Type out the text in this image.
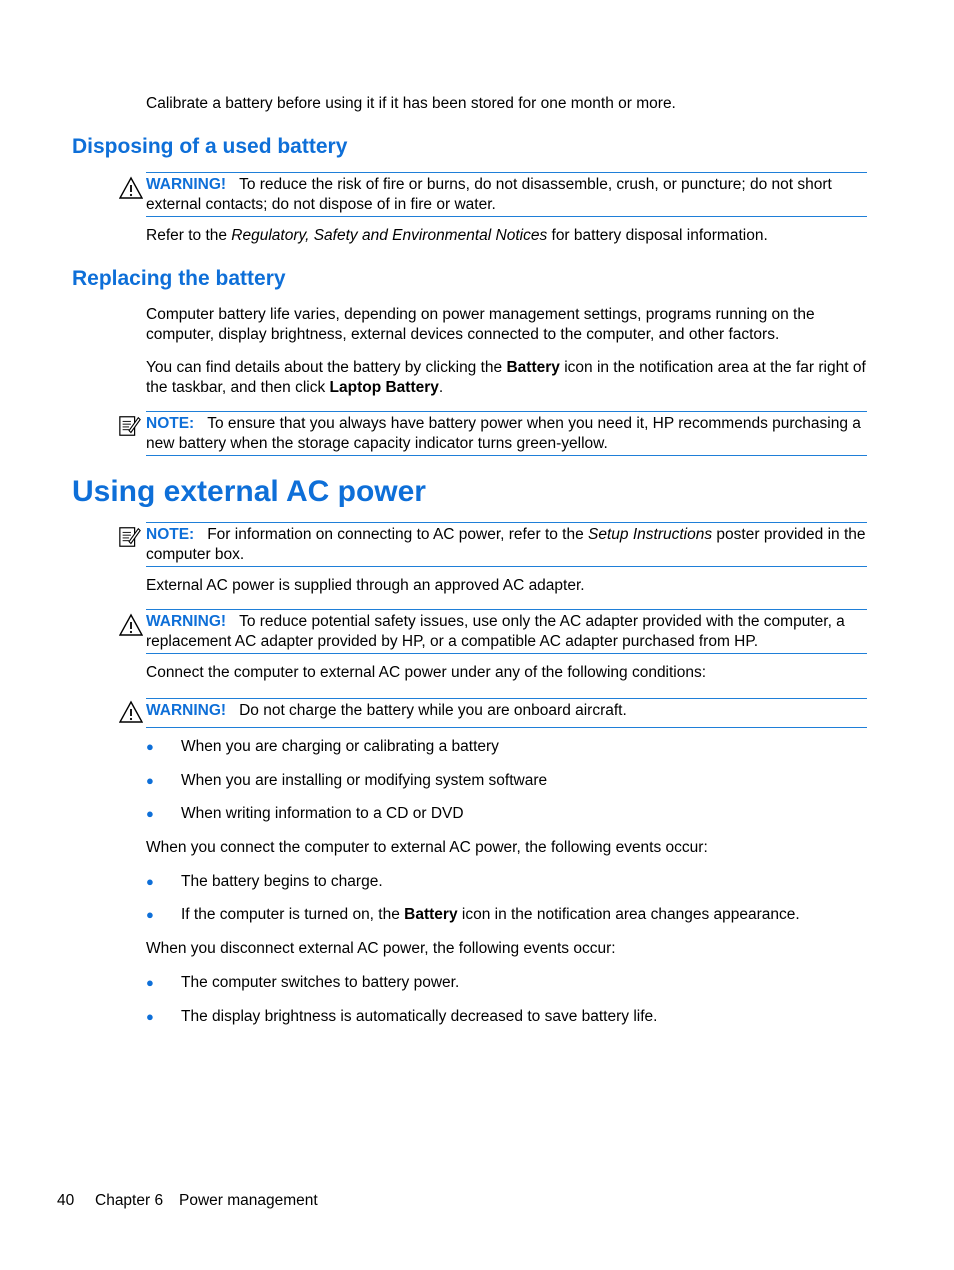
Calibrate a battery before using it if it has been stored for one month or more.
Disposing of a used battery
WARNING! To reduce the risk of fire or burns, do not disassemble, crush, or puncture; do not short external contacts; do not dispose of in fire or water.
Refer to the Regulatory, Safety and Environmental Notices for battery disposal information.
Replacing the battery
Computer battery life varies, depending on power management settings, programs running on the computer, display brightness, external devices connected to the computer, and other factors.
You can find details about the battery by clicking the Battery icon in the notification area at the far right of the taskbar, and then click Laptop Battery.
NOTE: To ensure that you always have battery power when you need it, HP recommends purchasing a new battery when the storage capacity indicator turns green-yellow.
Using external AC power
NOTE: For information on connecting to AC power, refer to the Setup Instructions poster provided in the computer box.
External AC power is supplied through an approved AC adapter.
WARNING! To reduce potential safety issues, use only the AC adapter provided with the computer, a replacement AC adapter provided by HP, or a compatible AC adapter purchased from HP.
Connect the computer to external AC power under any of the following conditions:
WARNING! Do not charge the battery while you are onboard aircraft.
● When you are charging or calibrating a battery
● When you are installing or modifying system software
● When writing information to a CD or DVD
When you connect the computer to external AC power, the following events occur:
● The battery begins to charge.
● If the computer is turned on, the Battery icon in the notification area changes appearance.
When you disconnect external AC power, the following events occur:
● The computer switches to battery power.
● The display brightness is automatically decreased to save battery life.
40 Chapter 6 Power management
